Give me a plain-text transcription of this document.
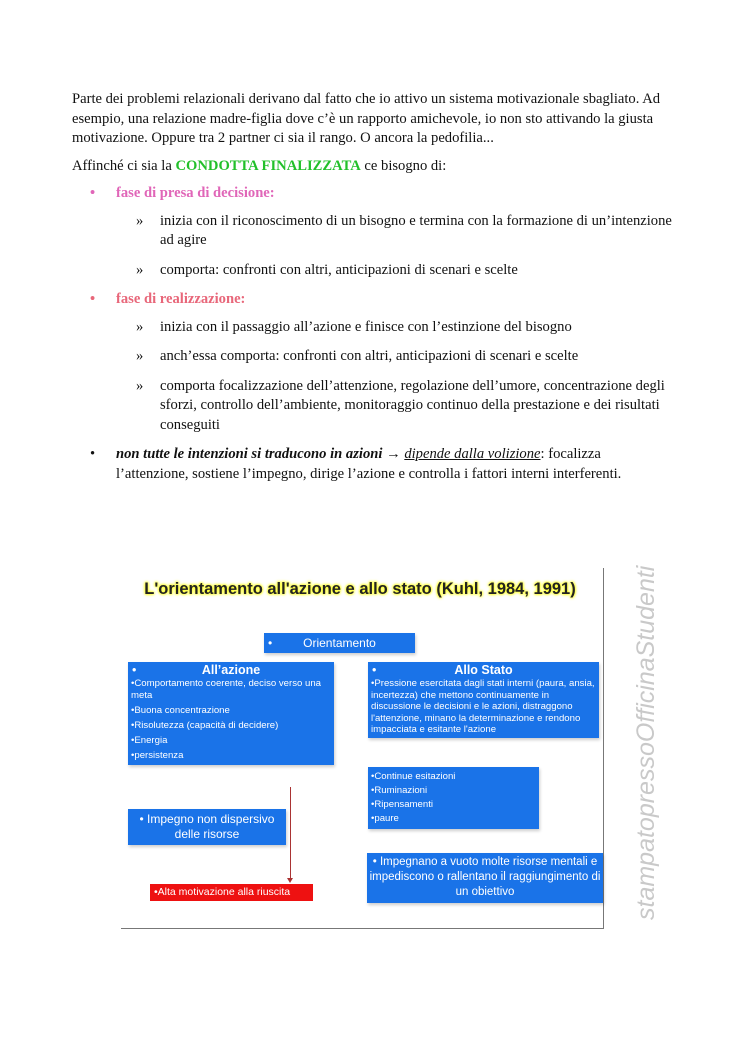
Parte dei problemi relazionali derivano dal fatto che io attivo un sistema motivazionale sbagliato. Ad esempio, una relazione madre-figlia dove c’è un rapporto amichevole, io non sto attivando la giusta motivazione. Oppure tra 2 partner ci sia il rango. O ancora la pedofilia...

Affinché ci sia la CONDOTTA FINALIZZATA ce bisogno di:

• fase di presa di decisione:
» inizia con il riconoscimento di un bisogno e termina con la formazione di un’intenzione ad agire
» comporta: confronti con altri, anticipazioni di scenari e scelte
• fase di realizzazione:
» inizia con il passaggio all’azione e finisce con l’estinzione del bisogno
» anch’essa comporta: confronti con altri, anticipazioni di scenari e scelte
» comporta focalizzazione dell’attenzione, regolazione dell’umore, concentrazione degli sforzi, controllo dell’ambiente, monitoraggio continuo della prestazione e dei risultati conseguiti
• non tutte le intenzioni si traducono in azioni → dipende dalla volizione: focalizza l’attenzione, sostiene l’impegno, dirige l’azione e controlla i fattori interni interferenti.
L'orientamento all'azione e allo stato (Kuhl, 1984, 1991)
•	Orientamento
•	All’azione
•Comportamento coerente, deciso verso una meta
•Buona concentrazione
•Risolutezza (capacità di decidere)
•Energia
•persistenza
•	Allo Stato
•Pressione esercitata dagli stati interni (paura, ansia, incertezza) che mettono continuamente in discussione le decisioni e le azioni, distraggono l'attenzione, minano la determinazione e rendono impacciata e esitante l'azione
•Continue esitazioni
•Ruminazioni
•Ripensamenti
•paure
• Impegno non dispersivo delle risorse
•Alta motivazione alla riuscita
• Impegnano a vuoto molte risorse mentali e impediscono o rallentano il raggiungimento di un obiettivo	stampatopressoOfficinaStudenti
